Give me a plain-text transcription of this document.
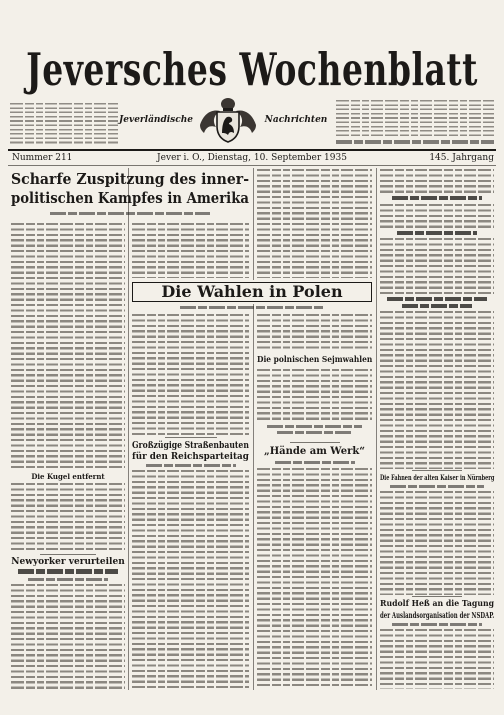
Jeversches Wochenblatt
Jeverländische	Nachrichten
Nummer 211	Jever i. O., Dienstag, 10. September 1935	145. Jahrgang
Scharfe Zuspitzung des inner-
politischen Kampfes in Amerika
Die Kugel entfernt
Newyorker verurteilen
Die Wahlen in Polen
Großzügige Straßenbauten
für den Reichsparteitag
Die polnischen Sejmwahlen
„Hände am Werk“
Die Fahnen der alten Kaiser in Nürnberg
Rudolf Heß an die Tagung
der Auslandsorganisation der NSDAP.
